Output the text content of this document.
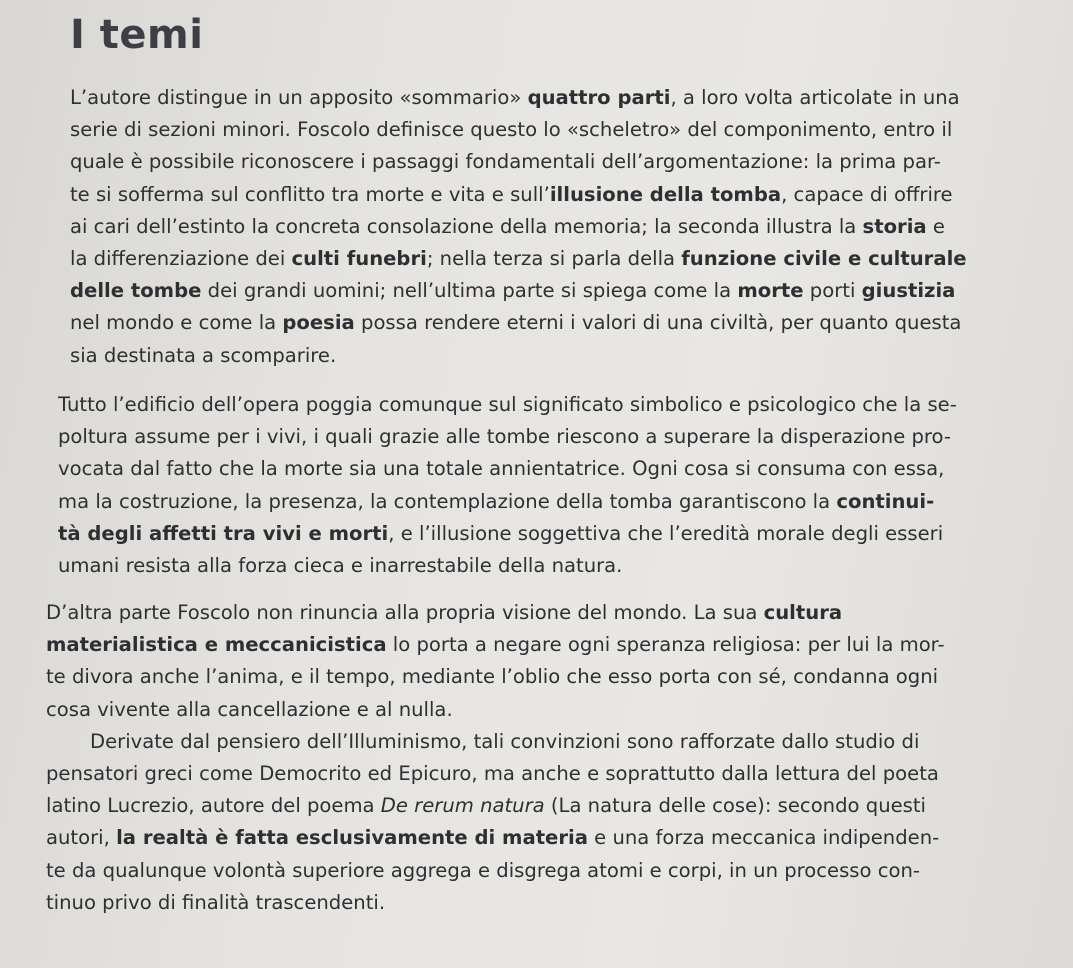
I temi
L’autore distingue in un apposito «sommario» quattro parti, a loro volta articolate in una
serie di sezioni minori. Foscolo definisce questo lo «scheletro» del componimento, entro il
quale è possibile riconoscere i passaggi fondamentali dell’argomentazione: la prima par-
te si sofferma sul conflitto tra morte e vita e sull’illusione della tomba, capace di offrire
ai cari dell’estinto la concreta consolazione della memoria; la seconda illustra la storia e
la differenziazione dei culti funebri; nella terza si parla della funzione civile e culturale
delle tombe dei grandi uomini; nell’ultima parte si spiega come la morte porti giustizia
nel mondo e come la poesia possa rendere eterni i valori di una civiltà, per quanto questa
sia destinata a scomparire.
Tutto l’edificio dell’opera poggia comunque sul significato simbolico e psicologico che la se-
poltura assume per i vivi, i quali grazie alle tombe riescono a superare la disperazione pro-
vocata dal fatto che la morte sia una totale annientatrice. Ogni cosa si consuma con essa,
ma la costruzione, la presenza, la contemplazione della tomba garantiscono la continui-
tà degli affetti tra vivi e morti, e l’illusione soggettiva che l’eredità morale degli esseri
umani resista alla forza cieca e inarrestabile della natura.
D’altra parte Foscolo non rinuncia alla propria visione del mondo. La sua cultura
materialistica e meccanicistica lo porta a negare ogni speranza religiosa: per lui la mor-
te divora anche l’anima, e il tempo, mediante l’oblio che esso porta con sé, condanna ogni
cosa vivente alla cancellazione e al nulla.
Derivate dal pensiero dell’Illuminismo, tali convinzioni sono rafforzate dallo studio di
pensatori greci come Democrito ed Epicuro, ma anche e soprattutto dalla lettura del poeta
latino Lucrezio, autore del poema De rerum natura (La natura delle cose): secondo questi
autori, la realtà è fatta esclusivamente di materia e una forza meccanica indipenden-
te da qualunque volontà superiore aggrega e disgrega atomi e corpi, in un processo con-
tinuo privo di finalità trascendenti.
